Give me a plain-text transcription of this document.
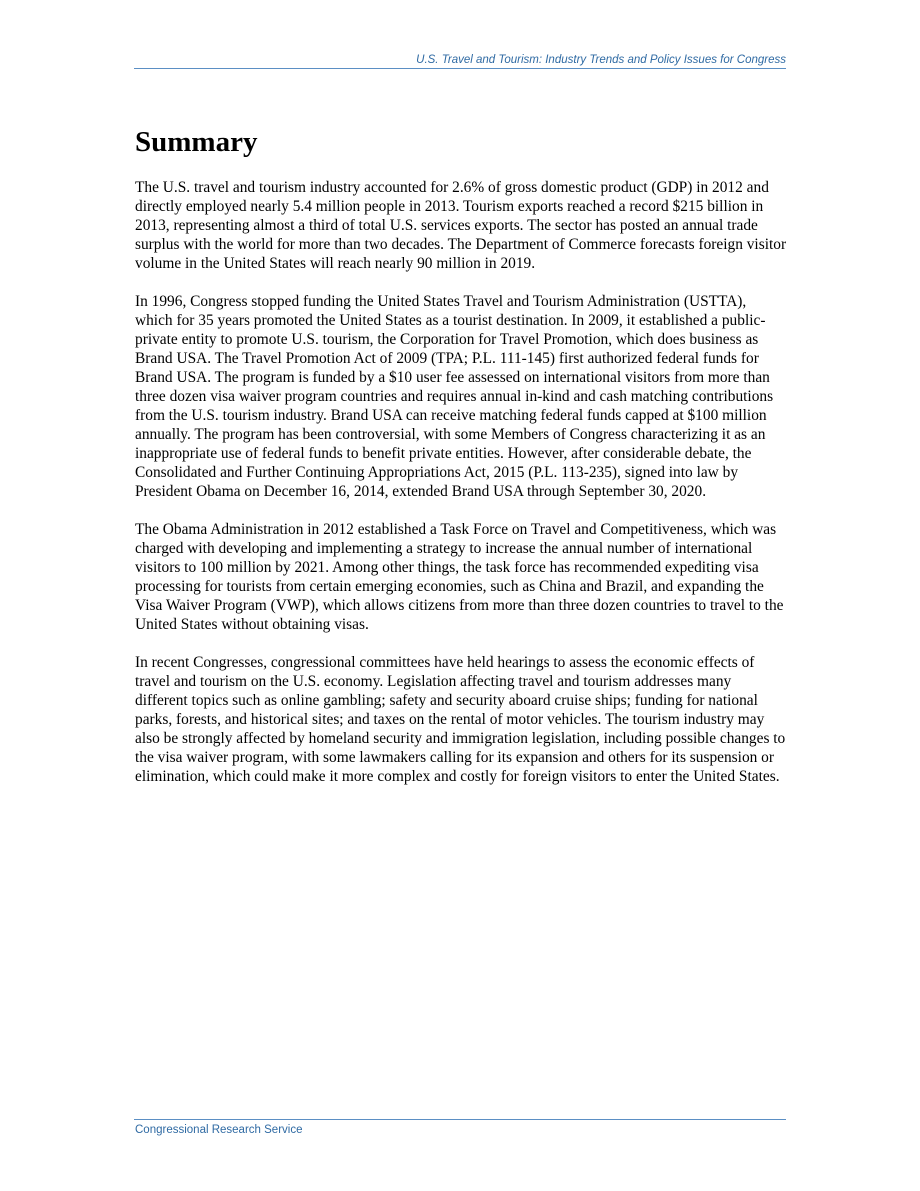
U.S. Travel and Tourism: Industry Trends and Policy Issues for Congress
Summary

The U.S. travel and tourism industry accounted for 2.6% of gross domestic product (GDP) in 2012 and directly employed nearly 5.4 million people in 2013. Tourism exports reached a record $215 billion in 2013, representing almost a third of total U.S. services exports. The sector has posted an annual trade surplus with the world for more than two decades. The Department of Commerce forecasts foreign visitor volume in the United States will reach nearly 90 million in 2019.

In 1996, Congress stopped funding the United States Travel and Tourism Administration (USTTA), which for 35 years promoted the United States as a tourist destination. In 2009, it established a public-private entity to promote U.S. tourism, the Corporation for Travel Promotion, which does business as Brand USA. The Travel Promotion Act of 2009 (TPA; P.L. 111-145) first authorized federal funds for Brand USA. The program is funded by a $10 user fee assessed on international visitors from more than three dozen visa waiver program countries and requires annual in-kind and cash matching contributions from the U.S. tourism industry. Brand USA can receive matching federal funds capped at $100 million annually. The program has been controversial, with some Members of Congress characterizing it as an inappropriate use of federal funds to benefit private entities. However, after considerable debate, the Consolidated and Further Continuing Appropriations Act, 2015 (P.L. 113-235), signed into law by President Obama on December 16, 2014, extended Brand USA through September 30, 2020.

The Obama Administration in 2012 established a Task Force on Travel and Competitiveness, which was charged with developing and implementing a strategy to increase the annual number of international visitors to 100 million by 2021. Among other things, the task force has recommended expediting visa processing for tourists from certain emerging economies, such as China and Brazil, and expanding the Visa Waiver Program (VWP), which allows citizens from more than three dozen countries to travel to the United States without obtaining visas.

In recent Congresses, congressional committees have held hearings to assess the economic effects of travel and tourism on the U.S. economy. Legislation affecting travel and tourism addresses many different topics such as online gambling; safety and security aboard cruise ships; funding for national parks, forests, and historical sites; and taxes on the rental of motor vehicles. The tourism industry may also be strongly affected by homeland security and immigration legislation, including possible changes to the visa waiver program, with some lawmakers calling for its expansion and others for its suspension or elimination, which could make it more complex and costly for foreign visitors to enter the United States.

Congressional Research Service
